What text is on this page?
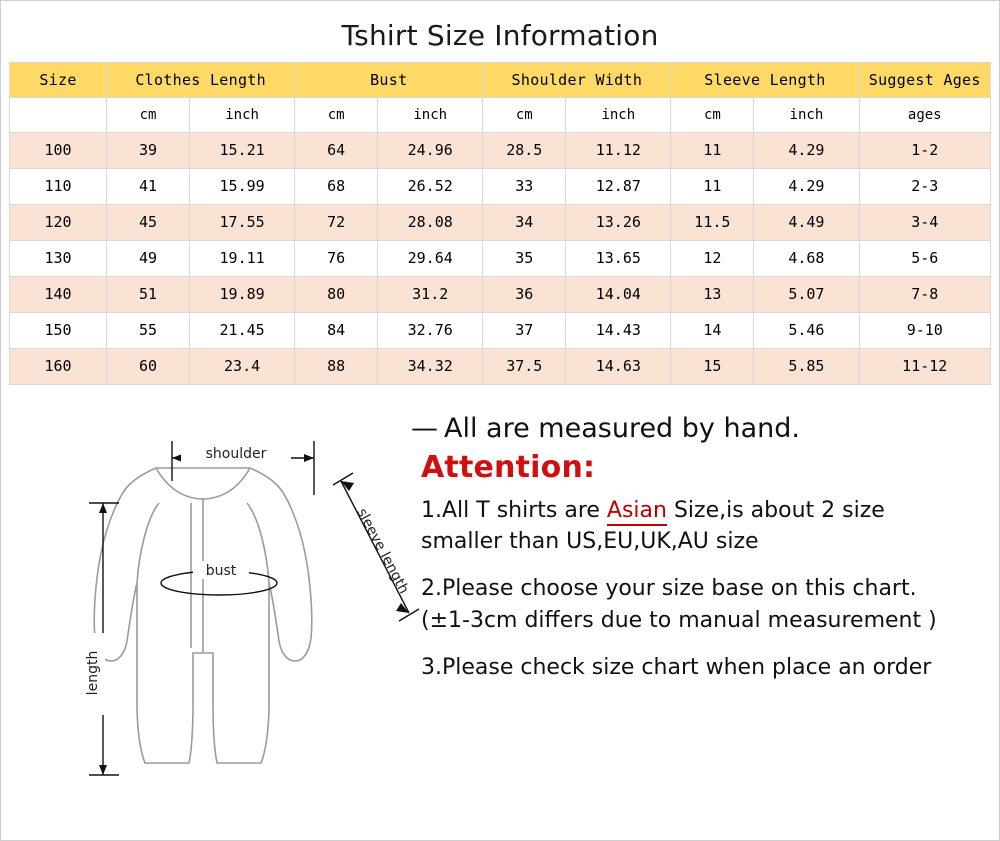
Tshirt Size Information
Size	Clothes Length		Bust		Shoulder Width		Sleeve Length		Suggest Ages
	cm	inch	cm	inch	cm	inch	cm	inch	ages
100	39	15.21	64	24.96	28.5	11.12	11	4.29	1-2
110	41	15.99	68	26.52	33	12.87	11	4.29	2-3
120	45	17.55	72	28.08	34	13.26	11.5	4.49	3-4
130	49	19.11	76	29.64	35	13.65	12	4.68	5-6
140	51	19.89	80	31.2	36	14.04	13	5.07	7-8
150	55	21.45	84	32.76	37	14.43	14	5.46	9-10
160	60	23.4	88	34.32	37.5	14.63	15	5.85	11-12
shoulder
bust	sleeve length
length
— All are measured by hand.
Attention:
1.All T shirts are Asian Size,is about 2 size smaller than US,EU,UK,AU size
2.Please choose your size base on this chart.(±1-3cm differs due to manual measurement )
3.Please check size chart when place an order
